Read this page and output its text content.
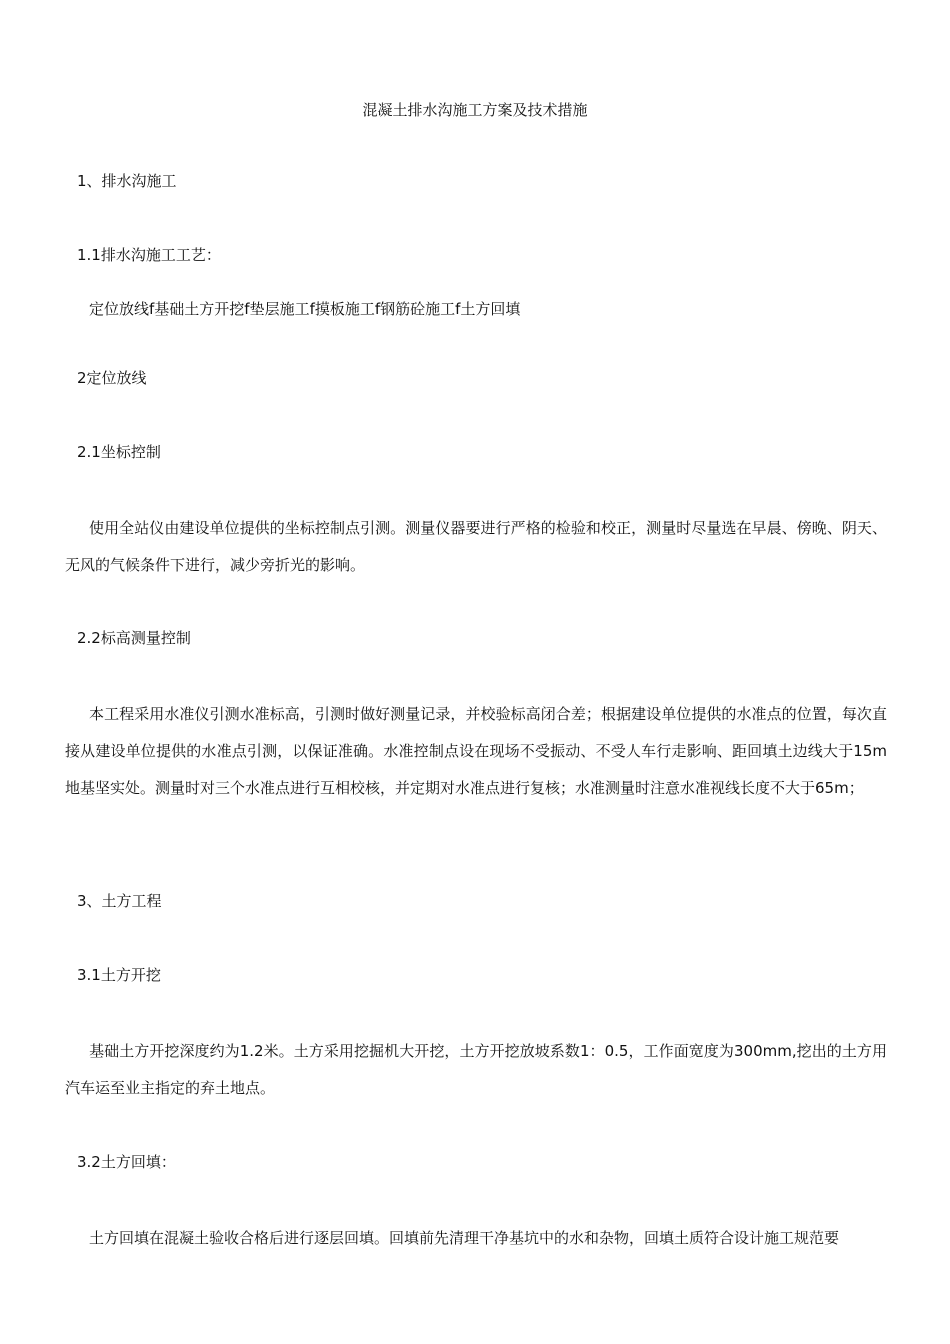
混凝土排水沟施工方案及技术措施
1、排水沟施工
1.1排水沟施工工艺：
定位放线f基础土方开挖f垫层施工f摸板施工f钢筋砼施工f土方回填
2定位放线
2.1坐标控制
使用全站仪由建设单位提供的坐标控制点引测。测量仪器要进行严格的检验和校正，测量时尽量选在早晨、傍晚、阴天、无风的气候条件下进行，减少旁折光的影响。
2.2标高测量控制
本工程采用水准仪引测水准标高，引测时做好测量记录，并校验标高闭合差；根据建设单位提供的水准点的位置，每次直接从建设单位提供的水准点引测，以保证准确。水准控制点设在现场不受振动、不受人车行走影响、距回填土边线大于15m地基坚实处。测量时对三个水准点进行互相校核，并定期对水准点进行复核；水准测量时注意水准视线长度不大于65m；
3、土方工程
3.1土方开挖
基础土方开挖深度约为1.2米。土方采用挖掘机大开挖，土方开挖放坡系数1：0.5，工作面宽度为300mm,挖出的土方用汽车运至业主指定的弃土地点。
3.2土方回填：
土方回填在混凝土验收合格后进行逐层回填。回填前先清理干净基坑中的水和杂物，回填土质符合设计施工规范要
